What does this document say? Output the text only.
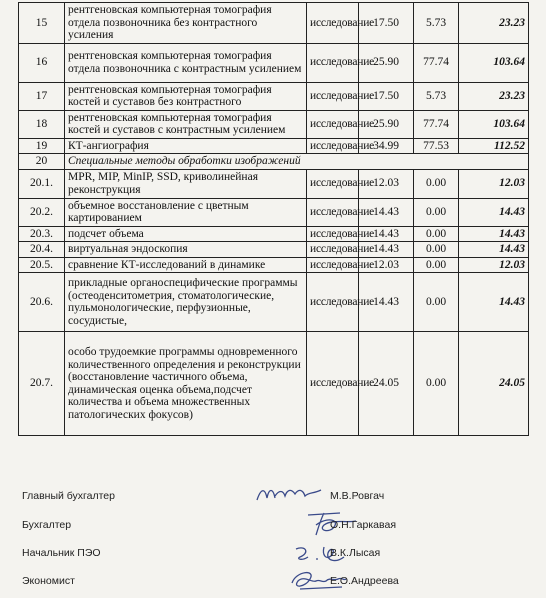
15	рентгеновская компьютерная томография отдела позвоночника без контрастного усиления	исследование	17.50	5.73	23.23
16	рентгеновская компьютерная томография отдела позвоночника с контрастным усилением	исследование	25.90	77.74	103.64
17	рентгеновская компьютерная томография костей и суставов без контрастного	исследование	17.50	5.73	23.23
18	рентгеновская компьютерная томография костей и суставов с контрастным усилением	исследование	25.90	77.74	103.64
19	КТ-ангиография	исследование	34.99	77.53	112.52
20	Специальные методы обработки изображений				
20.1.	MPR, MIP, MinIP, SSD, криволинейная реконструкция	исследование	12.03	0.00	12.03
20.2.	объемное восстановление с цветным картированием	исследование	14.43	0.00	14.43
20.3.	подсчет объема	исследование	14.43	0.00	14.43
20.4.	виртуальная эндоскопия	исследование	14.43	0.00	14.43
20.5.	сравнение КТ-исследований в динамике	исследование	12.03	0.00	12.03
20.6.	прикладные органоспецифические программы (остеоденситометрия, стоматологические, пульмонологические, перфузионные, сосудистые,	исследование	14.43	0.00	14.43
20.7.	особо трудоемкие программы одновременного количественного определения и реконструкции (восстановление частичного объема, динамическая оценка объема,подсчет количества и объема множественных патологических фокусов)	исследование	24.05	0.00	24.05
Главный бухгалтер	М.В.Ровгач
Бухгалтер	О.Н.Гаркавая
Начальник ПЭО	В.К.Лысая
Экономист	Е.О.Андреева
